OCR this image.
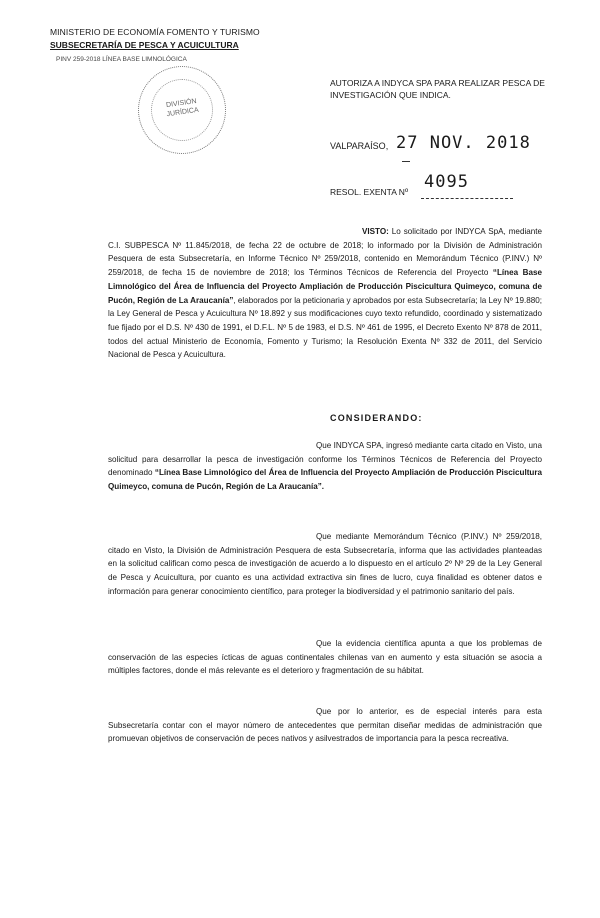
MINISTERIO DE ECONOMÍA FOMENTO Y TURISMO
SUBSECRETARÍA DE PESCA Y ACUICULTURA
PINV 259-2018 LÍNEA BASE LIMNOLÓGICA
DIVISIÓN
JURÍDICA
AUTORIZA A INDYCA SPA PARA REALIZAR PESCA DE INVESTIGACIÓN QUE INDICA.
VALPARAÍSO, 27 NOV. 2018
4095
RESOL. EXENTA Nº
VISTO: Lo solicitado por INDYCA SpA, mediante C.I. SUBPESCA Nº 11.845/2018, de fecha 22 de octubre de 2018; lo informado por la División de Administración Pesquera de esta Subsecretaría, en Informe Técnico Nº 259/2018, contenido en Memorándum Técnico (P.INV.) Nº 259/2018, de fecha 15 de noviembre de 2018; los Términos Técnicos de Referencia del Proyecto “Línea Base Limnológico del Área de Influencia del Proyecto Ampliación de Producción Piscicultura Quimeyco, comuna de Pucón, Región de La Araucanía”, elaborados por la peticionaria y aprobados por esta Subsecretaría; la Ley Nº 19.880; la Ley General de Pesca y Acuicultura Nº 18.892 y sus modificaciones cuyo texto refundido, coordinado y sistematizado fue fijado por el D.S. Nº 430 de 1991, el D.F.L. Nº 5 de 1983, el D.S. Nº 461 de 1995, el Decreto Exento Nº 878 de 2011, todos del actual Ministerio de Economía, Fomento y Turismo; la Resolución Exenta Nº 332 de 2011, del Servicio Nacional de Pesca y Acuicultura.
CONSIDERANDO:
Que INDYCA SPA, ingresó mediante carta citado en Visto, una solicitud para desarrollar la pesca de investigación conforme los Términos Técnicos de Referencia del Proyecto denominado “Línea Base Limnológico del Área de Influencia del Proyecto Ampliación de Producción Piscicultura Quimeyco, comuna de Pucón, Región de La Araucanía”.
Que mediante Memorándum Técnico (P.INV.) Nº 259/2018, citado en Visto, la División de Administración Pesquera de esta Subsecretaría, informa que las actividades planteadas en la solicitud califican como pesca de investigación de acuerdo a lo dispuesto en el artículo 2º Nº 29 de la Ley General de Pesca y Acuicultura, por cuanto es una actividad extractiva sin fines de lucro, cuya finalidad es obtener datos e información para generar conocimiento científico, para proteger la biodiversidad y el patrimonio sanitario del país.
Que la evidencia científica apunta a que los problemas de conservación de las especies ícticas de aguas continentales chilenas van en aumento y esta situación se asocia a múltiples factores, donde el más relevante es el deterioro y fragmentación de su hábitat.
Que por lo anterior, es de especial interés para esta Subsecretaría contar con el mayor número de antecedentes que permitan diseñar medidas de administración que promuevan objetivos de conservación de peces nativos y asilvestrados de importancia para la pesca recreativa.
